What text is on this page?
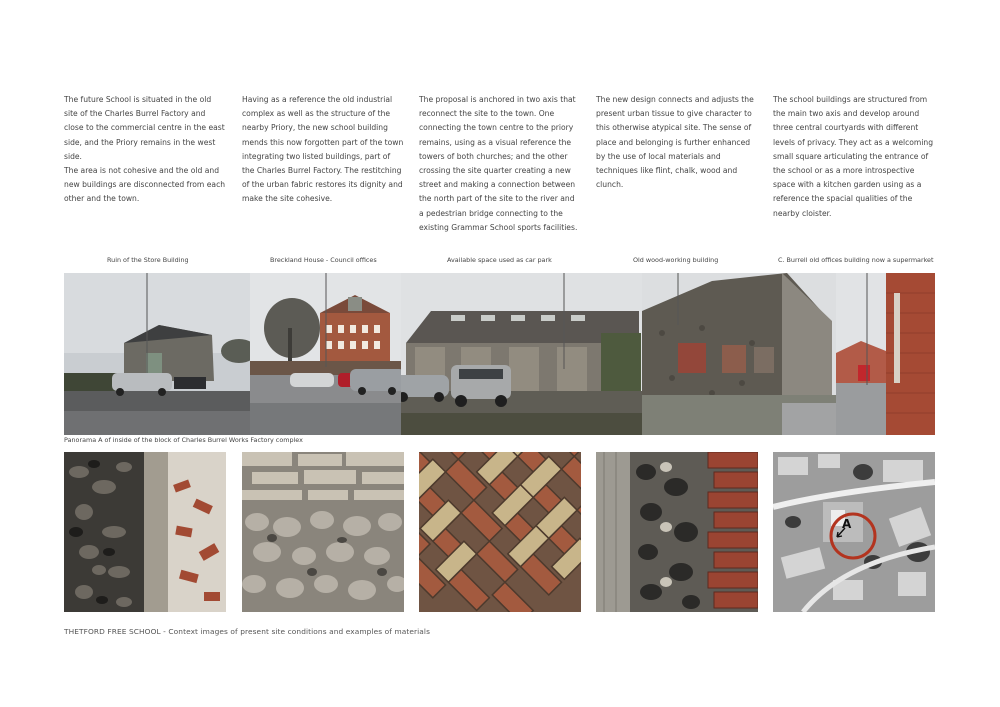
The future School is situated in the old site of the Charles Burrel Factory and close to the commercial centre in the east side, and the Priory remains in the west side.

The area is not cohesive and the old and new buildings are disconnected from each other and the town.

Having as a reference the old industrial complex as well as the structure of the nearby Priory, the new school building mends this now forgotten part of the town integrating two listed buildings, part of the Charles Burrel Factory. The restitching of the urban fabric restores its dignity and make the site cohesive.

The proposal is anchored in two axis that reconnect the site to the town. One connecting the town centre to the priory remains, using as a visual reference the towers of both churches; and the other crossing the site quarter creating a new street and making a connection between the north part of the site to the river and a pedestrian bridge connecting to the existing Grammar School sports facilities.

The new design connects and adjusts the present urban tissue to give character to this otherwise atypical site. The sense of place and belonging is further enhanced by the use of local materials and techniques like flint, chalk, wood and clunch.

The school buildings are structured from the main two axis and develop around three central courtyards with different levels of privacy. They act as a welcoming small square articulating the entrance of the school or as a more introspective space with a kitchen garden using as a reference the spacial qualities of the nearby cloister.

Ruin of the Store Building	Breckland House - Council offices	Available space used as car park	Old wood-working building	C. Burrell old offices building now a supermarket
Panorama A of inside of the block of Charles Burrel Works Factory complex
A
THETFORD FREE SCHOOL - Context images of present site conditions and examples of materials
